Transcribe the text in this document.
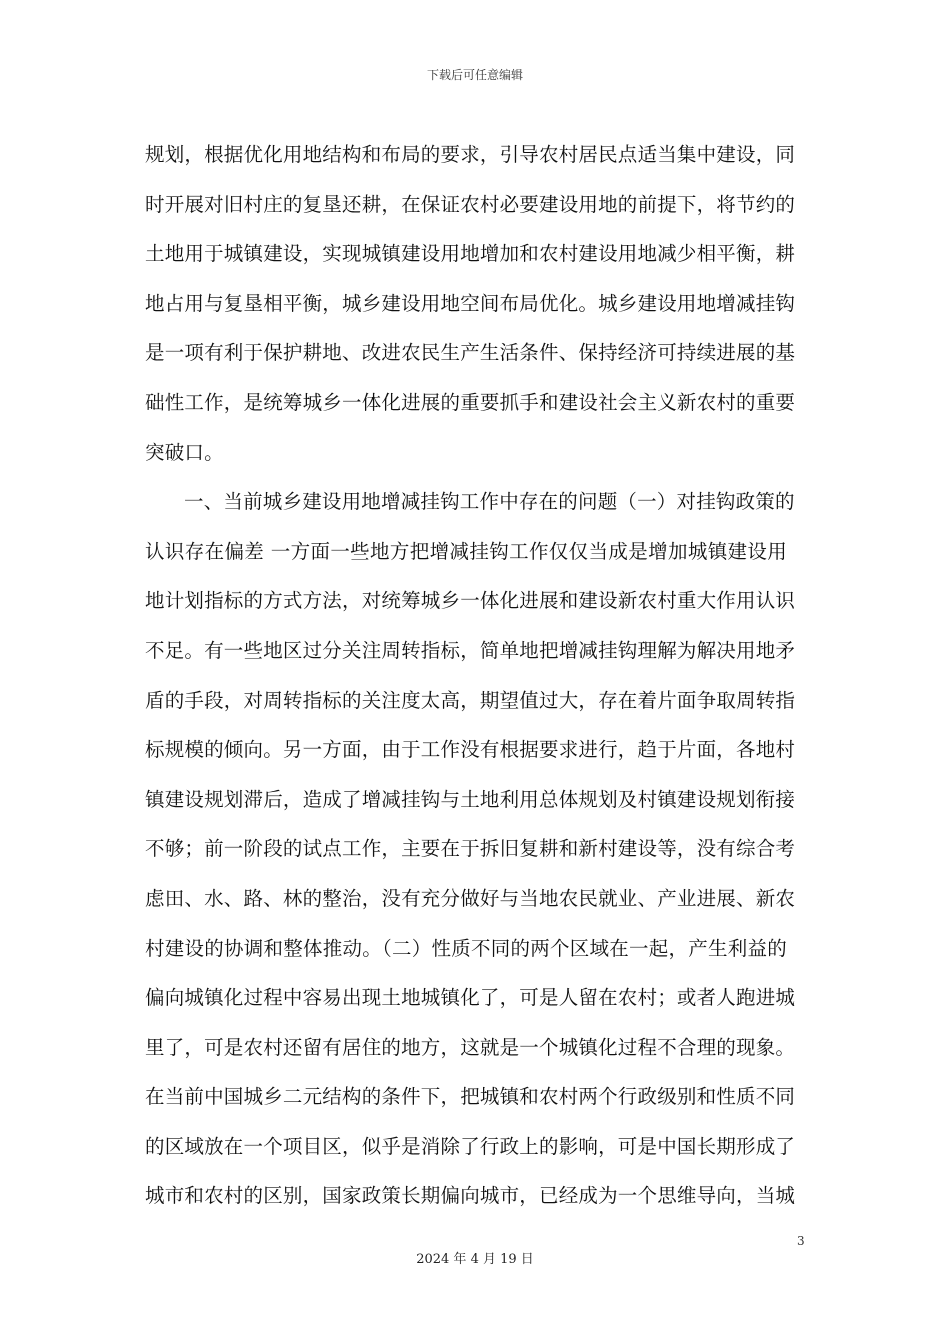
下载后可任意编辑
规划，根据优化用地结构和布局的要求，引导农村居民点适当集中建设，同
时开展对旧村庄的复垦还耕，在保证农村必要建设用地的前提下，将节约的
土地用于城镇建设，实现城镇建设用地增加和农村建设用地减少相平衡，耕
地占用与复垦相平衡，城乡建设用地空间布局优化。城乡建设用地增减挂钩
是一项有利于保护耕地、改进农民生产生活条件、保持经济可持续进展的基
础性工作，是统筹城乡一体化进展的重要抓手和建设社会主义新农村的重要
突破口。
一、当前城乡建设用地增减挂钩工作中存在的问题（一）对挂钩政策的
认识存在偏差 一方面一些地方把增减挂钩工作仅仅当成是增加城镇建设用
地计划指标的方式方法，对统筹城乡一体化进展和建设新农村重大作用认识
不足。有一些地区过分关注周转指标，简单地把增减挂钩理解为解决用地矛
盾的手段，对周转指标的关注度太高，期望值过大，存在着片面争取周转指
标规模的倾向。另一方面，由于工作没有根据要求进行，趋于片面，各地村
镇建设规划滞后，造成了增减挂钩与土地利用总体规划及村镇建设规划衔接
不够；前一阶段的试点工作，主要在于拆旧复耕和新村建设等，没有综合考
虑田、水、路、林的整治，没有充分做好与当地农民就业、产业进展、新农
村建设的协调和整体推动。（二）性质不同的两个区域在一起，产生利益的
偏向城镇化过程中容易出现土地城镇化了，可是人留在农村；或者人跑进城
里了，可是农村还留有居住的地方，这就是一个城镇化过程不合理的现象。
在当前中国城乡二元结构的条件下，把城镇和农村两个行政级别和性质不同
的区域放在一个项目区，似乎是消除了行政上的影响，可是中国长期形成了
城市和农村的区别，国家政策长期偏向城市，已经成为一个思维导向，当城
3
2024 年 4 月 19 日
